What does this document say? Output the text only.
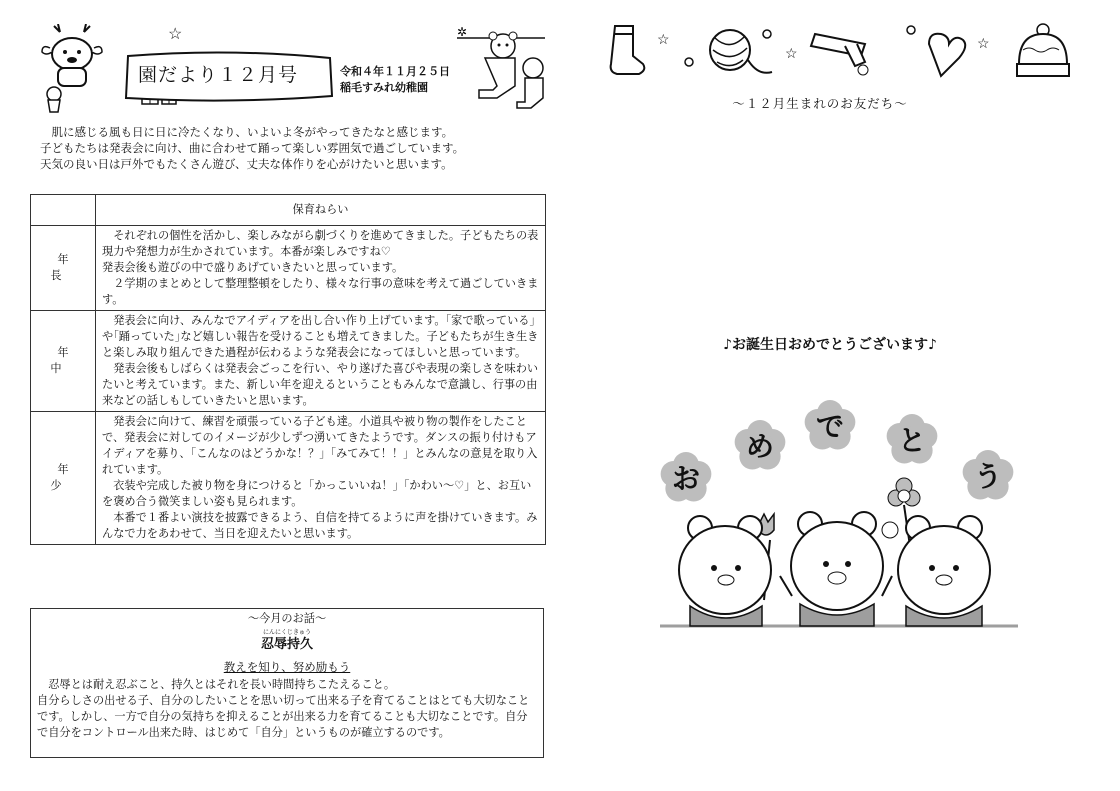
☆
園だより１２月号	令和４年１１月２５日
稲毛すみれ幼稚園
✲

　肌に感じる風も日に日に冷たくなり、いよいよ冬がやってきたなと感じます。

子どもたちは発表会に向け、曲に合わせて踊って楽しい雰囲気で過ごしています。

天気の良い日は戸外でもたくさん遊び、丈夫な体作りを心がけたいと思います。

	保育ねらい
年長	　それぞれの個性を活かし、楽しみながら劇づくりを進めてきました。子どもたちの表現力や発想力が生かされています。本番が楽しみですね♡

発表会後も遊びの中で盛りあげていきたいと思っています。

　２学期のまとめとして整理整頓をしたり、様々な行事の意味を考えて過ごしていきます。

年中	　発表会に向け、みんなでアイディアを出し合い作り上げています。｢家で歌っている｣や｢踊っていた｣など嬉しい報告を受けることも増えてきました。子どもたちが生き生きと楽しみ取り組んできた過程が伝わるような発表会になってほしいと思っています。

　発表会後もしばらくは発表会ごっこを行い、やり遂げた喜びや表現の楽しさを味わいたいと考えています。また、新しい年を迎えるということもみんなで意識し、行事の由来などの話しもしていきたいと思います。

年少	　発表会に向けて、練習を頑張っている子ども達。小道具や被り物の製作をしたことで、発表会に対してのイメージが少しずつ湧いてきたようです。ダンスの振り付けもアイディアを募り、「こんなのはどうかな！？」「みてみて！！」とみんなの意見を取り入れています。

　衣装や完成した被り物を身につけると「かっこいいね！」「かわい〜♡」と、お互いを褒め合う微笑ましい姿も見られます。

　本番で１番よい演技を披露できるよう、自信を持てるように声を掛けていきます。みんなで力をあわせて、当日を迎えたいと思います。

〜今月のお話〜
にんにくじきゅう
忍辱持久
教えを知り、努め励もう

　忍辱とは耐え忍ぶこと、持久とはそれを長い時間持ちこたえること。

自分らしさの出せる子、自分のしたいことを思い切って出来る子を育てることはとても大切なことです。しかし、一方で自分の気持ちを抑えることが出来る力を育てることも大切なことです。自分で自分をコントロール出来た時、はじめて「自分」というものが確立するのです。

☆
☆
☆
〜１２月生まれのお友だち〜
♪お誕生日おめでとうございます♪
お
め
で と
う
